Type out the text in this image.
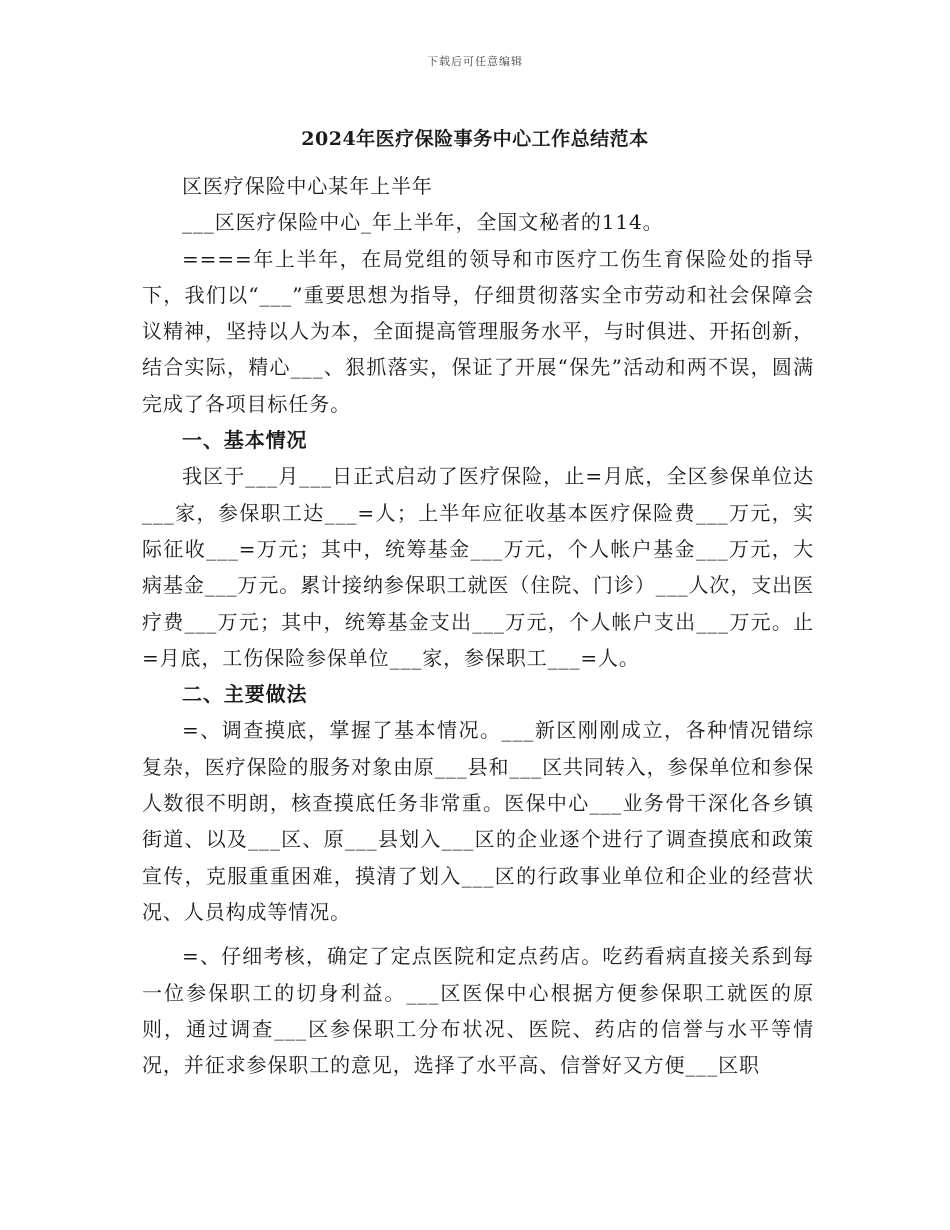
下载后可任意编辑
2024年医疗保险事务中心工作总结范本

区医疗保险中心某年上半年

___区医疗保险中心_年上半年，全国文秘者的114。

====年上半年，在局党组的领导和市医疗工伤生育保险处的指导下，我们以“___”重要思想为指导，仔细贯彻落实全市劳动和社会保障会议精神，坚持以人为本，全面提高管理服务水平，与时俱进、开拓创新，结合实际，精心___、狠抓落实，保证了开展“保先”活动和两不误，圆满完成了各项目标任务。

一、基本情况

我区于___月___日正式启动了医疗保险，止=月底，全区参保单位达___家，参保职工达___=人；上半年应征收基本医疗保险费___万元，实际征收___=万元；其中，统筹基金___万元，个人帐户基金___万元，大病基金___万元。累计接纳参保职工就医（住院、门诊）___人次，支出医疗费___万元；其中，统筹基金支出___万元，个人帐户支出___万元。止=月底，工伤保险参保单位___家，参保职工___=人。

二、主要做法

=、调查摸底，掌握了基本情况。___新区刚刚成立，各种情况错综复杂，医疗保险的服务对象由原___县和___区共同转入，参保单位和参保人数很不明朗，核查摸底任务非常重。医保中心___业务骨干深化各乡镇街道、以及___区、原___县划入___区的企业逐个进行了调查摸底和政策宣传，克服重重困难，摸清了划入___区的行政事业单位和企业的经营状况、人员构成等情况。

=、仔细考核，确定了定点医院和定点药店。吃药看病直接关系到每一位参保职工的切身利益。___区医保中心根据方便参保职工就医的原则，通过调查___区参保职工分布状况、医院、药店的信誉与水平等情况，并征求参保职工的意见，选择了水平高、信誉好又方便___区职
